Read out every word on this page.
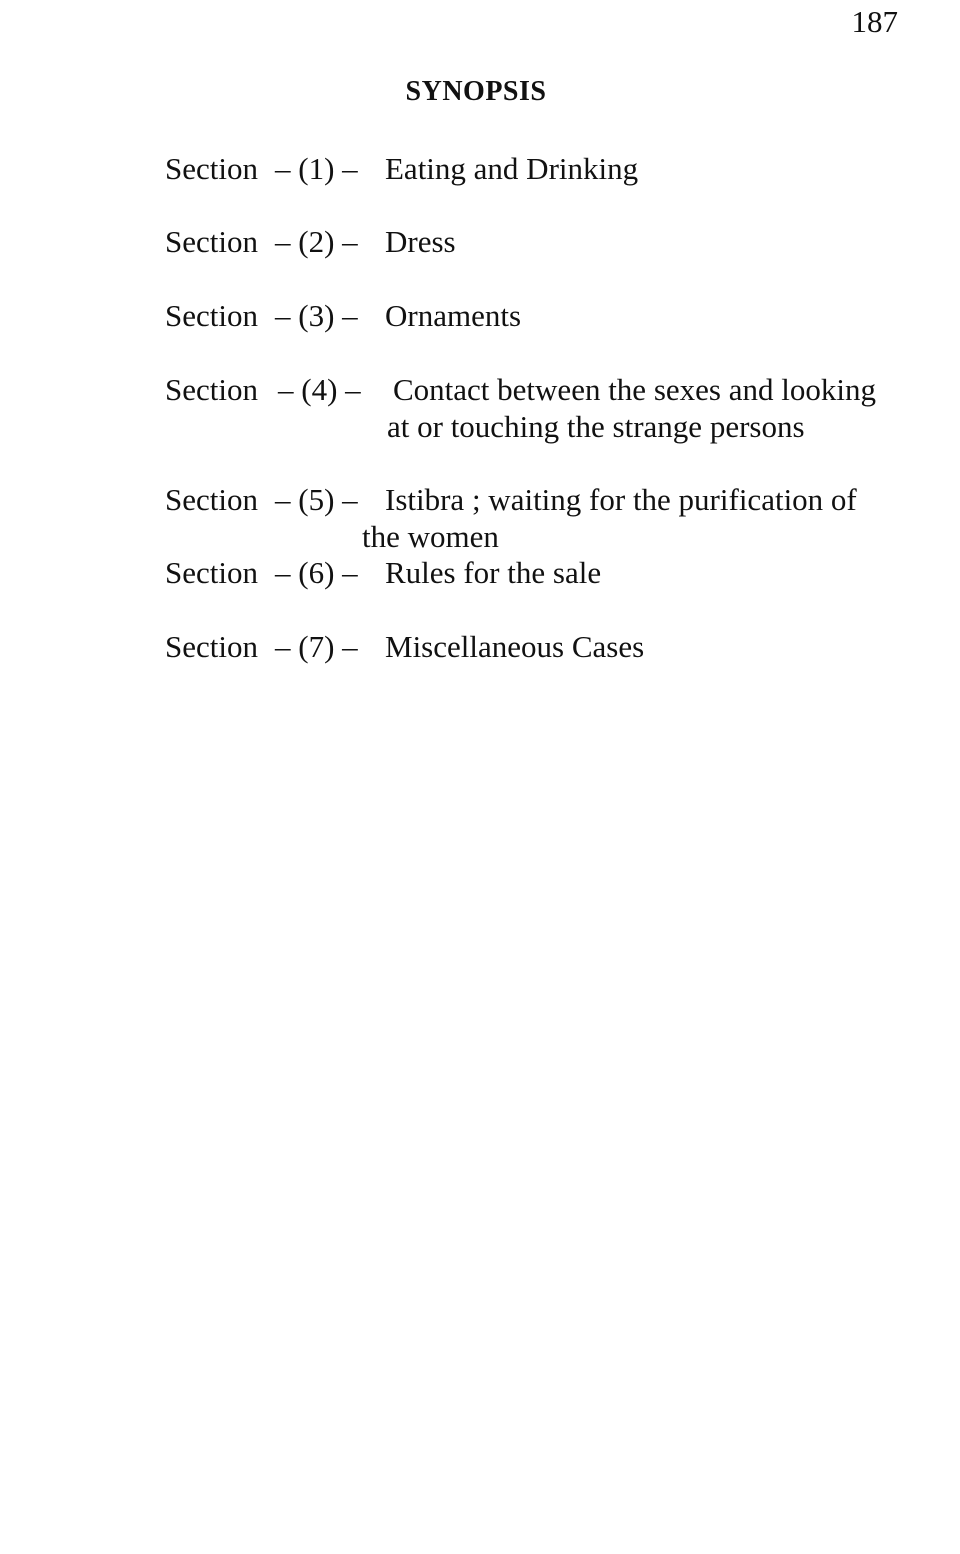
187
SYNOPSIS
Section – (1) – Eating and Drinking
Section – (2) – Dress
Section – (3) – Ornaments
Section – (4) – Contact between the sexes and looking
at or touching the strange persons
Section – (5) – Istibra ; waiting for the purification of
the women
Section – (6) – Rules for the sale
Section – (7) – Miscellaneous Cases
